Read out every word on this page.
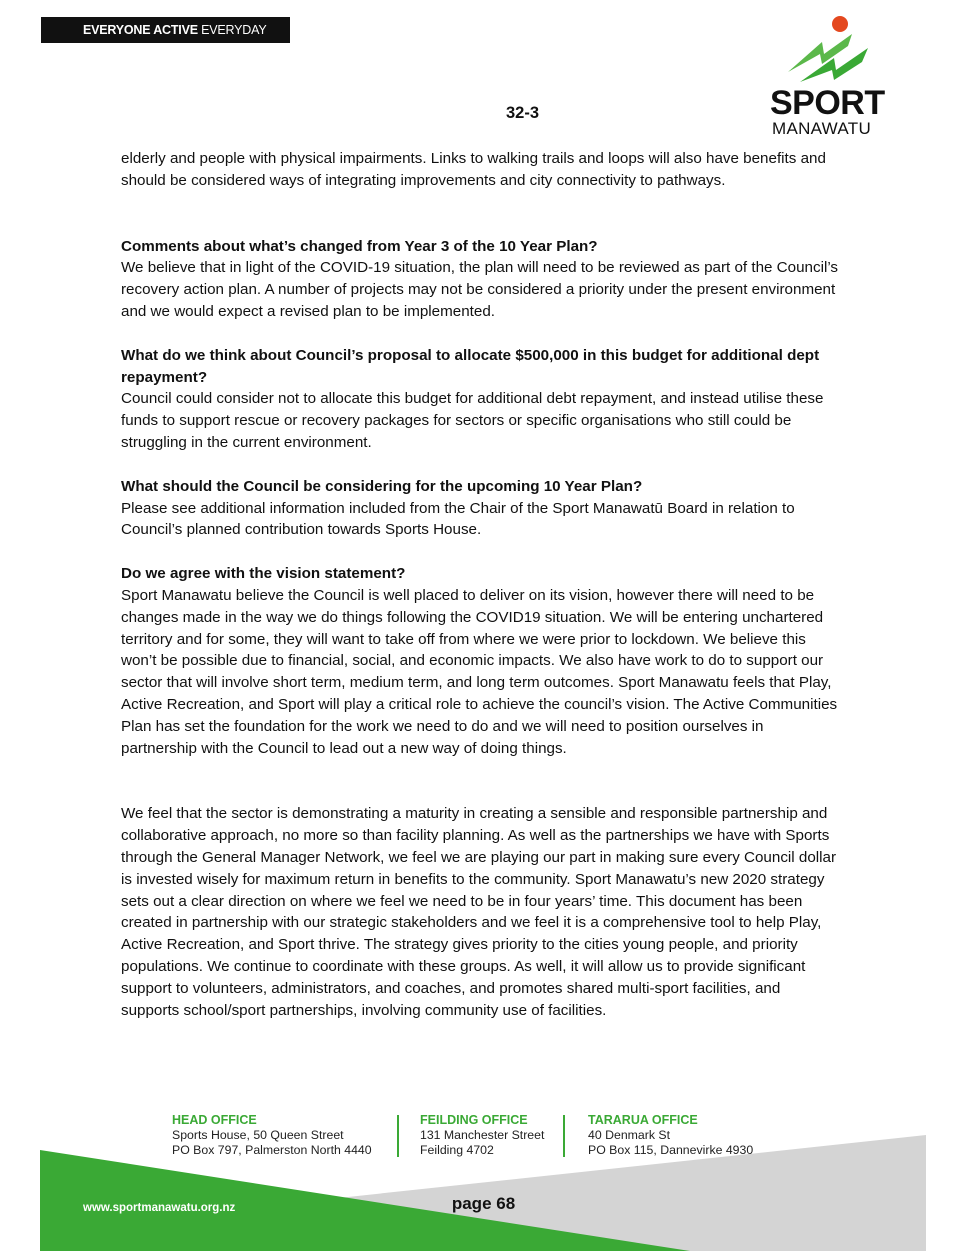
EVERYONE ACTIVE EVERYDAY
32-3	SPORT
MANAWATU

elderly and people with physical impairments. Links to walking trails and loops will also have benefits and should be considered ways of integrating improvements and city connectivity to pathways.

Comments about what’s changed from Year 3 of the 10 Year Plan?

We believe that in light of the COVID-19 situation, the plan will need to be reviewed as part of the Council’s recovery action plan. A number of projects may not be considered a priority under the present environment and we would expect a revised plan to be implemented.

What do we think about Council’s proposal to allocate $500,000 in this budget for additional dept repayment?

Council could consider not to allocate this budget for additional debt repayment, and instead utilise these funds to support rescue or recovery packages for sectors or specific organisations who still could be struggling in the current environment.

What should the Council be considering for the upcoming 10 Year Plan?

Please see additional information included from the Chair of the Sport Manawatū Board in relation to Council’s planned contribution towards Sports House.

Do we agree with the vision statement?

Sport Manawatu believe the Council is well placed to deliver on its vision, however there will need to be changes made in the way we do things following the COVID19 situation. We will be entering unchartered territory and for some, they will want to take off from where we were prior to lockdown. We believe this won’t be possible due to financial, social, and economic impacts. We also have work to do to support our sector that will involve short term, medium term, and long term outcomes. Sport Manawatu feels that Play, Active Recreation, and Sport will play a critical role to achieve the council’s vision. The Active Communities Plan has set the foundation for the work we need to do and we will need to position ourselves in partnership with the Council to lead out a new way of doing things.

We feel that the sector is demonstrating a maturity in creating a sensible and responsible partnership and collaborative approach, no more so than facility planning. As well as the partnerships we have with Sports through the General Manager Network, we feel we are playing our part in making sure every Council dollar is invested wisely for maximum return in benefits to the community. Sport Manawatu’s new 2020 strategy sets out a clear direction on where we feel we need to be in four years’ time. This document has been created in partnership with our strategic stakeholders and we feel it is a comprehensive tool to help Play, Active Recreation, and Sport thrive. The strategy gives priority to the cities young people, and priority populations. We continue to coordinate with these groups. As well, it will allow us to provide significant support to volunteers, administrators, and coaches, and promotes shared multi-sport facilities, and supports school/sport partnerships, involving community use of facilities.

HEAD OFFICE
Sports House, 50 Queen Street
PO Box 797, Palmerston North 4440
FEILDING OFFICE
131 Manchester Street
Feilding 4702
TARARUA OFFICE
40 Denmark St
PO Box 115, Dannevirke 4930
www.sportmanawatu.org.nz	page 68
